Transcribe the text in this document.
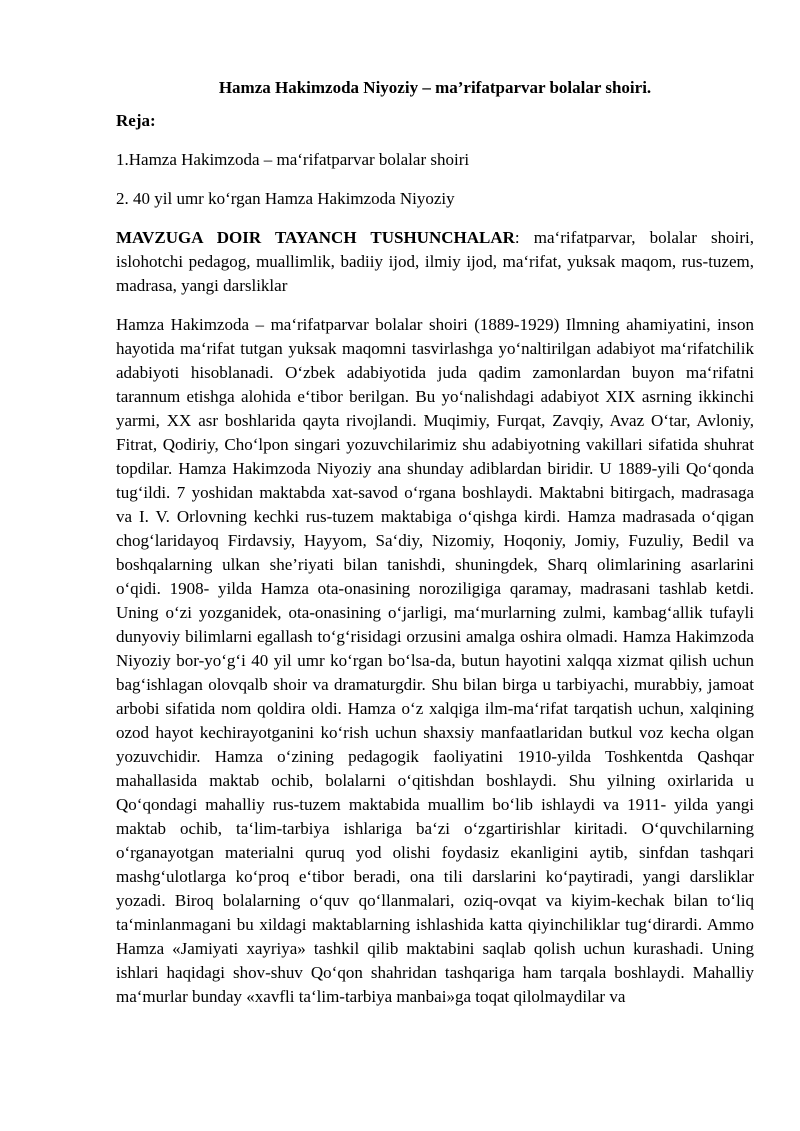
Hamza Hakimzoda Niyoziy – ma’rifatparvar bolalar shoiri.
Reja:
1.Hamza Hakimzoda – ma‘rifatparvar bolalar shoiri
2. 40 yil umr ko‘rgan Hamza Hakimzoda Niyoziy
MAVZUGA DOIR TAYANCH TUSHUNCHALAR: ma‘rifatparvar, bolalar shoiri, islohotchi pedagog, muallimlik, badiiy ijod, ilmiy ijod, ma‘rifat, yuksak maqom, rus-tuzem, madrasa, yangi darsliklar
Hamza Hakimzoda – ma‘rifatparvar bolalar shoiri (1889-1929) Ilmning ahamiyatini, inson hayotida ma‘rifat tutgan yuksak maqomni tasvirlashga yo‘naltirilgan adabiyot ma‘rifatchilik adabiyoti hisoblanadi. O‘zbek adabiyotida juda qadim zamonlardan buyon ma‘rifatni tarannum etishga alohida e‘tibor berilgan. Bu yo‘nalishdagi adabiyot XIX asrning ikkinchi yarmi, XX asr boshlarida qayta rivojlandi. Muqimiy, Furqat, Zavqiy, Avaz O‘tar, Avloniy, Fitrat, Qodiriy, Cho‘lpon singari yozuvchilarimiz shu adabiyotning vakillari sifatida shuhrat topdilar. Hamza Hakimzoda Niyoziy ana shunday adiblardan biridir. U 1889-yili Qo‘qonda tug‘ildi. 7 yoshidan maktabda xat-savod o‘rgana boshlaydi. Maktabni bitirgach, madrasaga va I. V. Orlovning kechki rus-tuzem maktabiga o‘qishga kirdi. Hamza madrasada o‘qigan chog‘laridayoq Firdavsiy, Hayyom, Sa‘diy, Nizomiy, Hoqoniy, Jomiy, Fuzuliy, Bedil va boshqalarning ulkan she’riyati bilan tanishdi, shuningdek, Sharq olimlarining asarlarini o‘qidi. 1908- yilda Hamza ota-onasining noroziligiga qaramay, madrasani tashlab ketdi. Uning o‘zi yozganidek, ota-onasining o‘jarligi, ma‘murlarning zulmi, kambag‘allik tufayli dunyoviy bilimlarni egallash to‘g‘risidagi orzusini amalga oshira olmadi. Hamza Hakimzoda Niyoziy bor-yo‘g‘i 40 yil umr ko‘rgan bo‘lsa-da, butun hayotini xalqqa xizmat qilish uchun bag‘ishlagan olovqalb shoir va dramaturgdir. Shu bilan birga u tarbiyachi, murabbiy, jamoat arbobi sifatida nom qoldira oldi. Hamza o‘z xalqiga ilm-ma‘rifat tarqatish uchun, xalqining ozod hayot kechirayotganini ko‘rish uchun shaxsiy manfaatlaridan butkul voz kecha olgan yozuvchidir. Hamza o‘zining pedagogik faoliyatini 1910-yilda Toshkentda Qashqar mahallasida maktab ochib, bolalarni o‘qitishdan boshlaydi. Shu yilning oxirlarida u Qo‘qondagi mahalliy rus-tuzem maktabida muallim bo‘lib ishlaydi va 1911- yilda yangi maktab ochib, ta‘lim-tarbiya ishlariga ba‘zi o‘zgartirishlar kiritadi. O‘quvchilarning o‘rganayotgan materialni quruq yod olishi foydasiz ekanligini aytib, sinfdan tashqari mashg‘ulotlarga ko‘proq e‘tibor beradi, ona tili darslarini ko‘paytiradi, yangi darsliklar yozadi. Biroq bolalarning o‘quv qo‘llanmalari, oziq-ovqat va kiyim-kechak bilan to‘liq ta‘minlanmagani bu xildagi maktablarning ishlashida katta qiyinchiliklar tug‘dirardi. Ammo Hamza «Jamiyati xayriya» tashkil qilib maktabini saqlab qolish uchun kurashadi. Uning ishlari haqidagi shov-shuv Qo‘qon shahridan tashqariga ham tarqala boshlaydi. Mahalliy ma‘murlar bunday «xavfli ta‘lim-tarbiya manbai»ga toqat qilolmaydilar va
